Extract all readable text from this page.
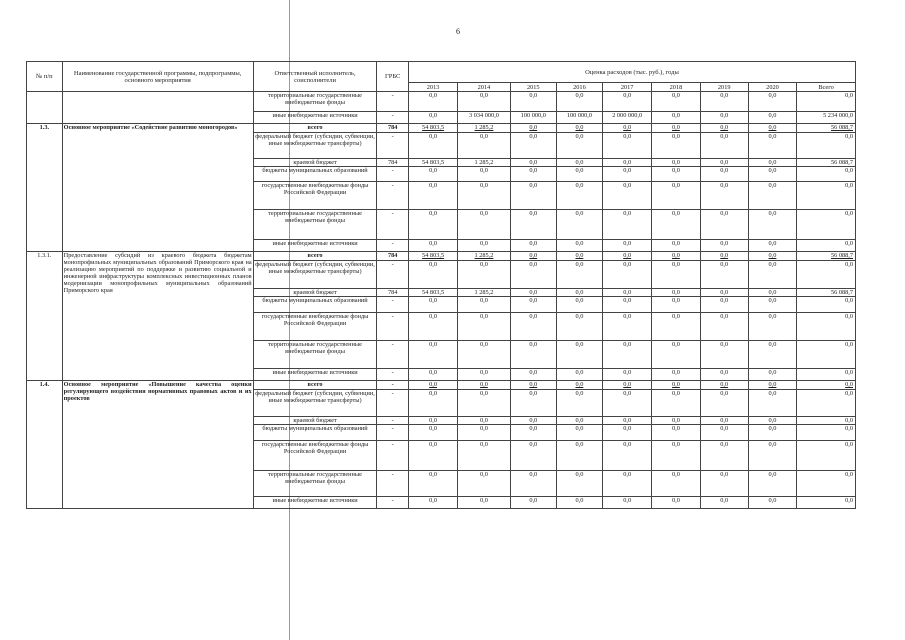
6
№ п/п	Наименование государственной программы, подпрограммы, основного мероприятия	Ответственный исполнитель, соисполнители	ГРБС	Оценка расходов (тыс. руб.), годы								
				2013	2014	2015	2016	2017	2018	2019	2020	Всего
		территориальные государственные внебюджетные фонды	-	0,0	0,0	0,0	0,0	0,0	0,0	0,0	0,0	0,0
		иные внебюджетные источники	-	0,0	3 034 000,0	100 000,0	100 000,0	2 000 000,0	0,0	0,0	0,0	5 234 000,0
1.3.	Основное мероприятие «Содействие развитию моногородов»	всего	784	54 803,5	1 285,2	0,0	0,0	0,0	0,0	0,0	0,0	56 088,7
		федеральный бюджет (субсидии, субвенции, иные межбюджетные трансферты)	-	0,0	0,0	0,0	0,0	0,0	0,0	0,0	0,0	0,0
		краевой бюджет	784	54 803,5	1 285,2	0,0	0,0	0,0	0,0	0,0	0,0	56 088,7
		бюджеты муниципальных образований	-	0,0	0,0	0,0	0,0	0,0	0,0	0,0	0,0	0,0
		государственные внебюджетные фонды Российской Федерации	-	0,0	0,0	0,0	0,0	0,0	0,0	0,0	0,0	0,0
		территориальные государственные внебюджетные фонды	-	0,0	0,0	0,0	0,0	0,0	0,0	0,0	0,0	0,0
		иные внебюджетные источники	-	0,0	0,0	0,0	0,0	0,0	0,0	0,0	0,0	0,0
1.3.1.	Предоставление субсидий из краевого бюджета бюджетам монопрофильных муниципальных образований Приморского края на реализацию мероприятий по поддержке и развитию социальной и инженерной инфраструктуры комплексных инвестиционных планов модернизации монопрофильных муниципальных образований Приморского края	всего	784	54 803,5	1 285,2	0,0	0,0	0,0	0,0	0,0	0,0	56 088,7
		федеральный бюджет (субсидии, субвенции, иные межбюджетные трансферты)	-	0,0	0,0	0,0	0,0	0,0	0,0	0,0	0,0	0,0
		краевой бюджет	784	54 803,5	1 285,2	0,0	0,0	0,0	0,0	0,0	0,0	56 088,7
		бюджеты муниципальных образований	-	0,0	0,0	0,0	0,0	0,0	0,0	0,0	0,0	0,0
		государственные внебюджетные фонды Российской Федерации	-	0,0	0,0	0,0	0,0	0,0	0,0	0,0	0,0	0,0
		территориальные государственные внебюджетные фонды	-	0,0	0,0	0,0	0,0	0,0	0,0	0,0	0,0	0,0
		иные внебюджетные источники	-	0,0	0,0	0,0	0,0	0,0	0,0	0,0	0,0	0,0
1.4.	Основное мероприятие «Повышение качества оценки регулирующего воздействия нормативных правовых актов и их проектов	всего	-	0,0	0,0	0,0	0,0	0,0	0,0	0,0	0,0	0,0
		федеральный бюджет (субсидии, субвенции, иные межбюджетные трансферты)	-	0,0	0,0	0,0	0,0	0,0	0,0	0,0	0,0	0,0
		краевой бюджет	-	0,0	0,0	0,0	0,0	0,0	0,0	0,0	0,0	0,0
		бюджеты муниципальных образований	-	0,0	0,0	0,0	0,0	0,0	0,0	0,0	0,0	0,0
		государственные внебюджетные фонды Российской Федерации	-	0,0	0,0	0,0	0,0	0,0	0,0	0,0	0,0	0,0
		территориальные государственные внебюджетные фонды	-	0,0	0,0	0,0	0,0	0,0	0,0	0,0	0,0	0,0
		иные внебюджетные источники	-	0,0	0,0	0,0	0,0	0,0	0,0	0,0	0,0	0,0
